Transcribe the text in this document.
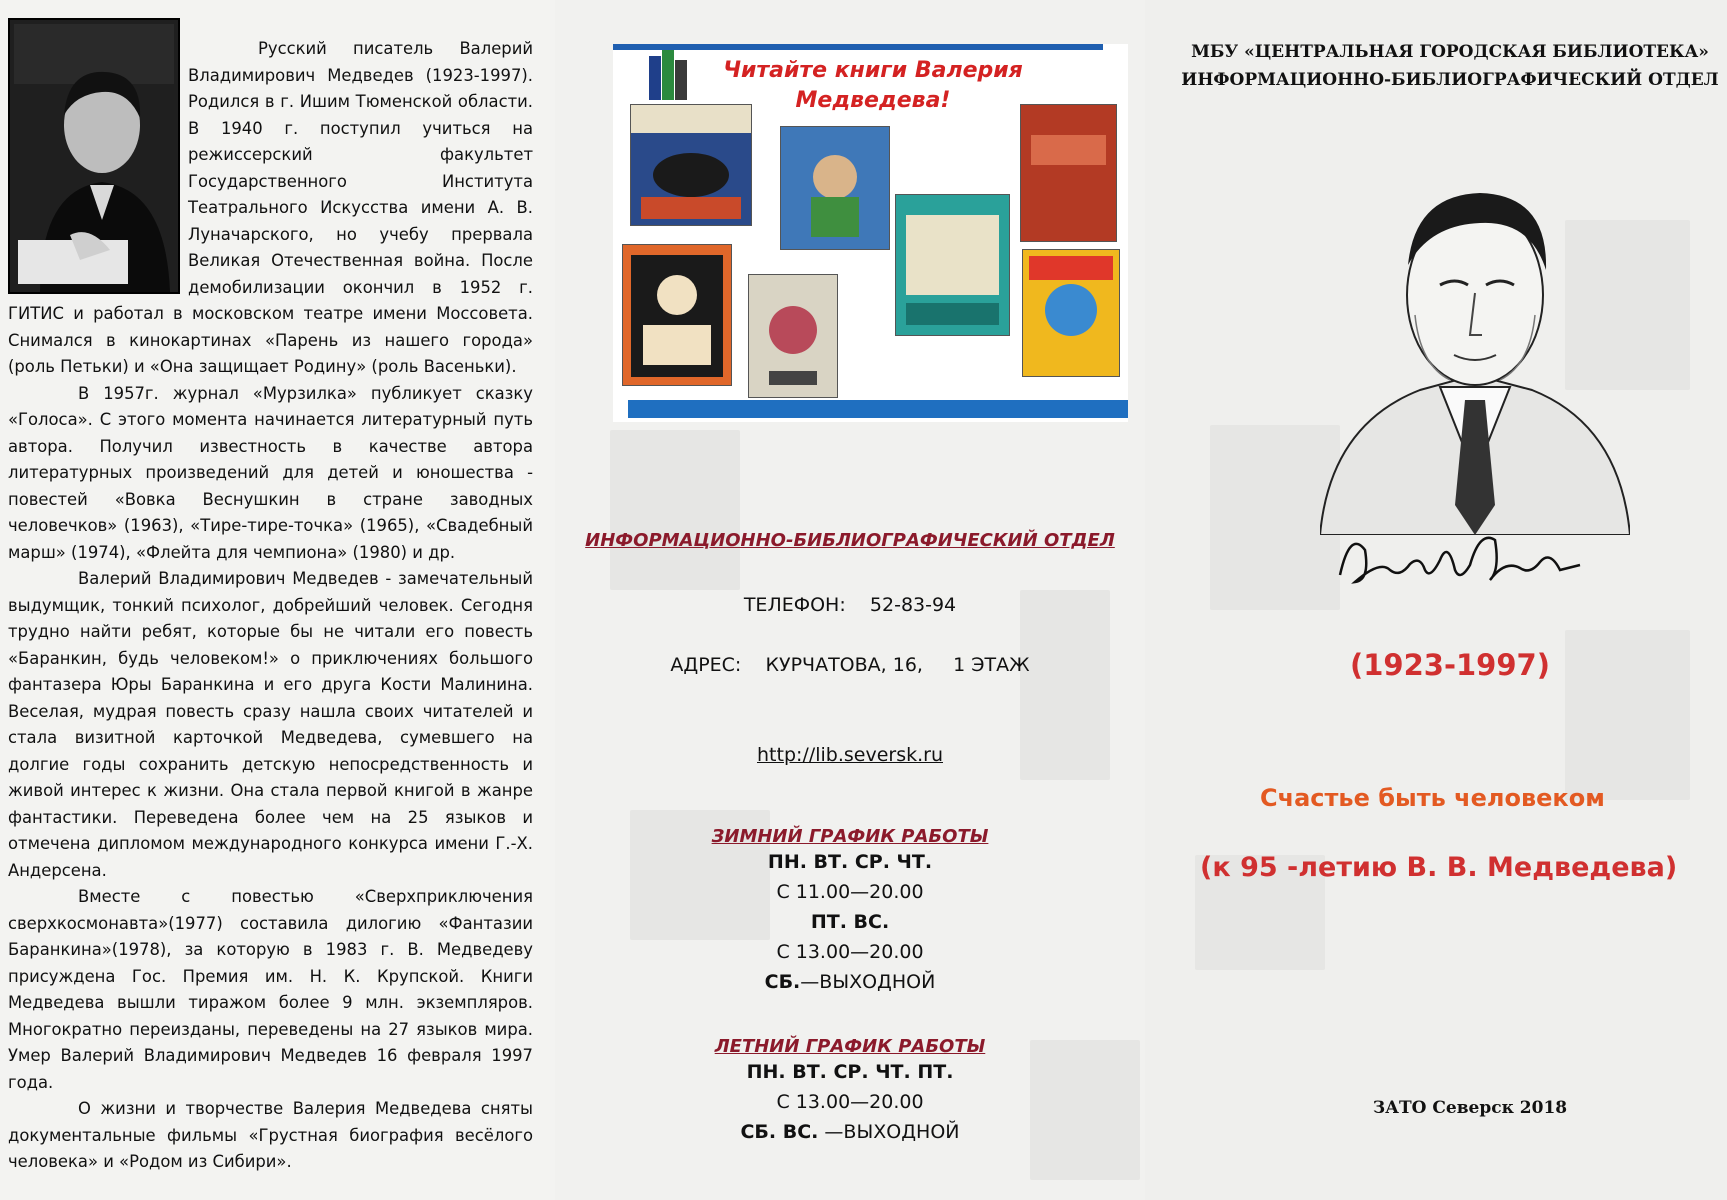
Русский писатель Валерий Владимирович Медведев (1923-1997). Родился в г. Ишим Тюменской области. В 1940 г. поступил учиться на режиссерский факультет Государственного Института Театрального Искусства имени А. В. Луначарского, но учебу прервала Великая Отечественная война. После демобилизации окончил в 1952 г. ГИТИС и работал в московском театре имени Моссовета. Снимался в кинокартинах «Парень из нашего города» (роль Петьки) и «Она защищает Родину» (роль Васеньки).

В 1957г. журнал «Мурзилка» публикует сказку «Голоса». С этого момента начинается литературный путь автора. Получил известность в качестве автора литературных произведений для детей и юношества - повестей «Вовка Веснушкин в стране заводных человечков» (1963), «Тире-тире-точка» (1965), «Свадебный марш» (1974), «Флейта для чемпиона» (1980) и др.

Валерий Владимирович Медведев - замечательный выдумщик, тонкий психолог, добрейший человек. Сегодня трудно найти ребят, которые бы не читали его повесть «Баранкин, будь человеком!» о приключениях большого фантазера Юры Баранкина и его друга Кости Малинина. Веселая, мудрая повесть сразу нашла своих читателей и стала визитной карточкой Медведева, сумевшего на долгие годы сохранить детскую непосредственность и живой интерес к жизни. Она стала первой книгой в жанре фантастики. Переведена более чем на 25 языков и отмечена дипломом международного конкурса имени Г.-Х. Андерсена.

Вместе с повестью «Сверхприключения сверхкосмонавта»(1977) составила дилогию «Фантазии Баранкина»(1978), за которую в 1983 г. В. Медведеву присуждена Гос. Премия им. Н. К. Крупской. Книги Медведева вышли тиражом более 9 млн. экземпляров. Многократно переизданы, переведены на 27 языков мира. Умер Валерий Владимирович Медведев 16 февраля 1997 года.

О жизни и творчестве Валерия Медведева сняты документальные фильмы «Грустная биография весёлого человека» и «Родом из Сибири».

Читайте книги Валерия Медведева!
ИНФОРМАЦИОННО-БИБЛИОГРАФИЧЕСКИЙ ОТДЕЛ
ТЕЛЕФОН: 52-83-94
АДРЕС: КУРЧАТОВА, 16, 1 ЭТАЖ
http://lib.seversk.ru
ЗИМНИЙ ГРАФИК РАБОТЫ
ПН. ВТ. СР. ЧТ.
С 11.00—20.00
ПТ. ВС.
С 13.00—20.00
СБ.—ВЫХОДНОЙ
ЛЕТНИЙ ГРАФИК РАБОТЫ
ПН. ВТ. СР. ЧТ. ПТ.
С 13.00—20.00
СБ. ВС. —ВЫХОДНОЙ
МБУ «ЦЕНТРАЛЬНАЯ ГОРОДСКАЯ БИБЛИОТЕКА»
ИНФОРМАЦИОННО-БИБЛИОГРАФИЧЕСКИЙ ОТДЕЛ
(1923-1997)
Счастье быть человеком
(к 95 -летию В. В. Медведева)
ЗАТО Северск 2018
